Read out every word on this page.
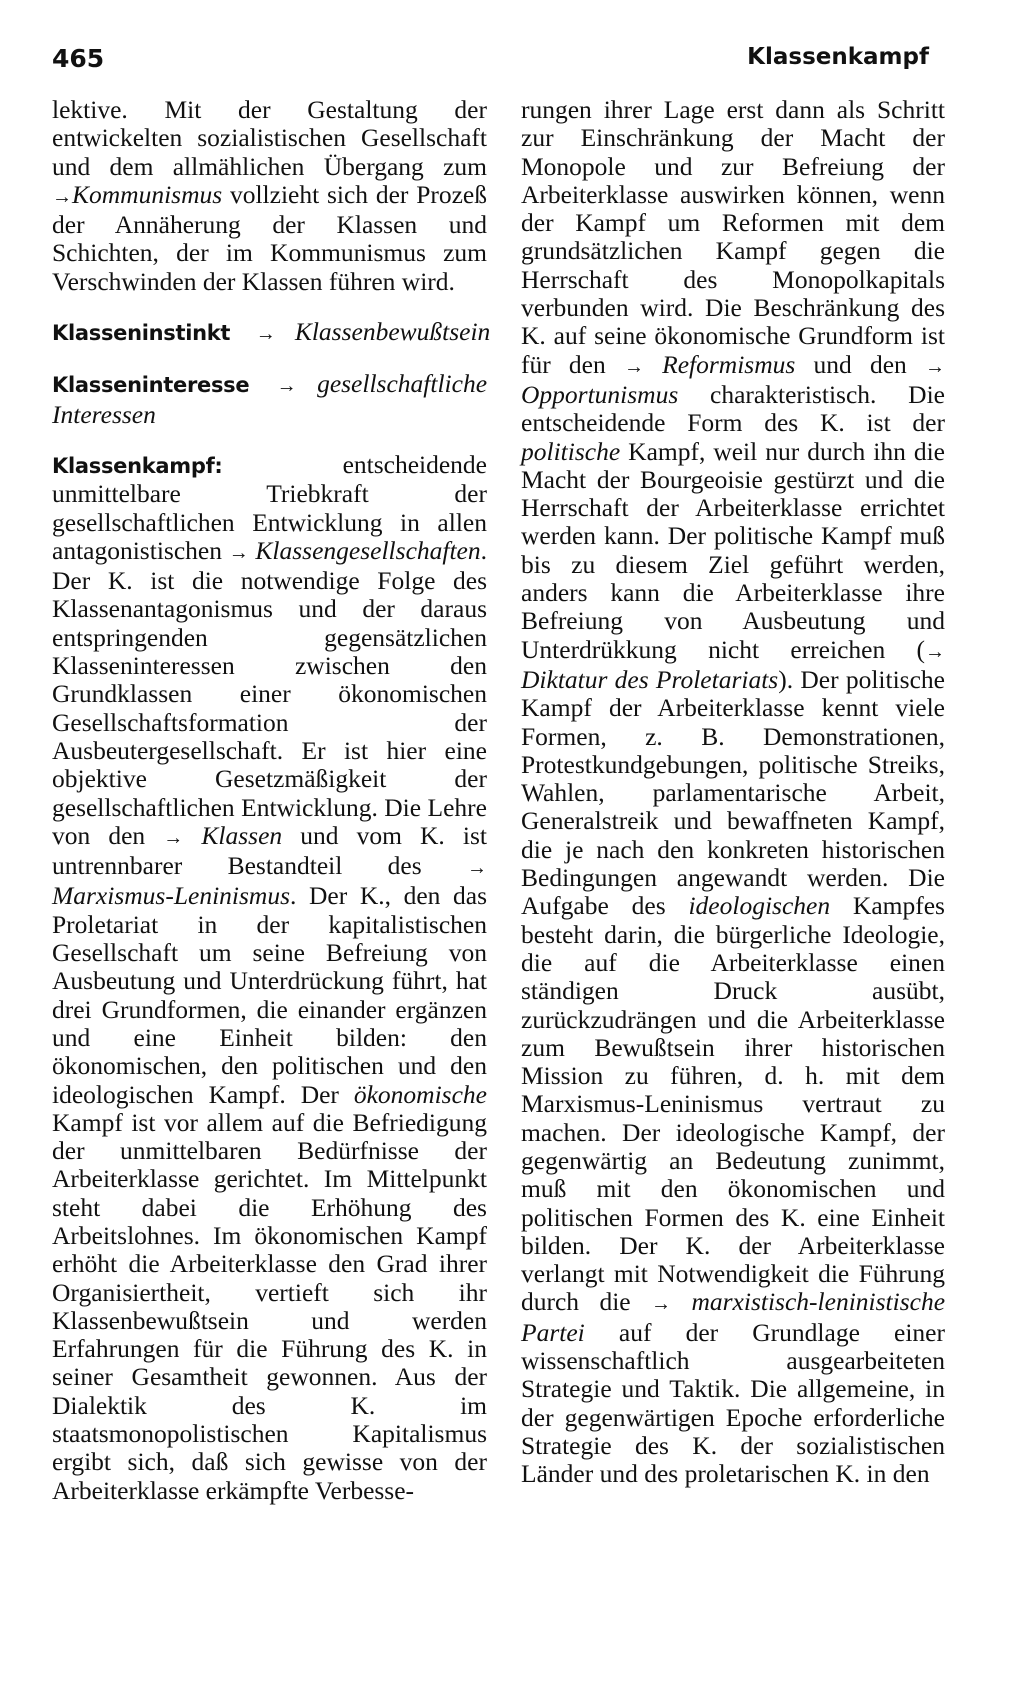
465	Klassenkampf

lektive. Mit der Gestaltung der entwickelten sozialistischen Gesellschaft und dem allmählichen Übergang zum →Kommunismus vollzieht sich der Prozeß der Annäherung der Klassen und Schichten, der im Kommunismus zum Verschwinden der Klassen führen wird.

Klasseninstinkt → Klassenbewußtsein

Klasseninteresse → gesellschaftliche Interessen

Klassenkampf: entscheidende unmittelbare Triebkraft der gesellschaftlichen Entwicklung in allen antagonistischen → Klassengesellschaften. Der K. ist die notwendige Folge des Klassenantagonismus und der daraus entspringenden gegensätzlichen Klasseninteressen zwischen den Grundklassen einer ökonomischen Gesellschaftsformation der Ausbeutergesellschaft. Er ist hier eine objektive Gesetzmäßigkeit der gesellschaftlichen Entwicklung. Die Lehre von den → Klassen und vom K. ist untrennbarer Bestandteil des → Marxismus-Leninismus. Der K., den das Proletariat in der kapitalistischen Gesellschaft um seine Befreiung von Ausbeutung und Unterdrückung führt, hat drei Grundformen, die einander ergänzen und eine Einheit bilden: den ökonomischen, den politischen und den ideologischen Kampf. Der ökonomische Kampf ist vor allem auf die Befriedigung der unmittelbaren Bedürfnisse der Arbeiterklasse gerichtet. Im Mittelpunkt steht dabei die Erhöhung des Arbeitslohnes. Im ökonomischen Kampf erhöht die Arbeiterklasse den Grad ihrer Organisiertheit, vertieft sich ihr Klassenbewußtsein und werden Erfahrungen für die Führung des K. in seiner Gesamtheit gewonnen. Aus der Dialektik des K. im staatsmonopolistischen Kapitalismus ergibt sich, daß sich gewisse von der Arbeiterklasse erkämpfte Verbesse-

rungen ihrer Lage erst dann als Schritt zur Einschränkung der Macht der Monopole und zur Befreiung der Arbeiterklasse auswirken können, wenn der Kampf um Reformen mit dem grundsätzlichen Kampf gegen die Herrschaft des Monopolkapitals verbunden wird. Die Beschränkung des K. auf seine ökonomische Grundform ist für den → Reformismus und den → Opportunismus charakteristisch. Die entscheidende Form des K. ist der politische Kampf, weil nur durch ihn die Macht der Bourgeoisie gestürzt und die Herrschaft der Arbeiterklasse errichtet werden kann. Der politische Kampf muß bis zu diesem Ziel geführt werden, anders kann die Arbeiterklasse ihre Befreiung von Ausbeutung und Unterdrükkung nicht erreichen (→ Diktatur des Proletariats). Der politische Kampf der Arbeiterklasse kennt viele Formen, z. B. Demonstrationen, Protestkundgebungen, politische Streiks, Wahlen, parlamentarische Arbeit, Generalstreik und bewaffneten Kampf, die je nach den konkreten historischen Bedingungen angewandt werden. Die Aufgabe des ideologischen Kampfes besteht darin, die bürgerliche Ideologie, die auf die Arbeiterklasse einen ständigen Druck ausübt, zurückzudrängen und die Arbeiterklasse zum Bewußtsein ihrer historischen Mission zu führen, d. h. mit dem Marxismus-Leninismus vertraut zu machen. Der ideologische Kampf, der gegenwärtig an Bedeutung zunimmt, muß mit den ökonomischen und politischen Formen des K. eine Einheit bilden. Der K. der Arbeiterklasse verlangt mit Notwendigkeit die Führung durch die → marxistisch-leninistische Partei auf der Grundlage einer wissenschaftlich ausgearbeiteten Strategie und Taktik. Die allgemeine, in der gegenwärtigen Epoche erforderliche Strategie des K. der sozialistischen Länder und des proletarischen K. in den
